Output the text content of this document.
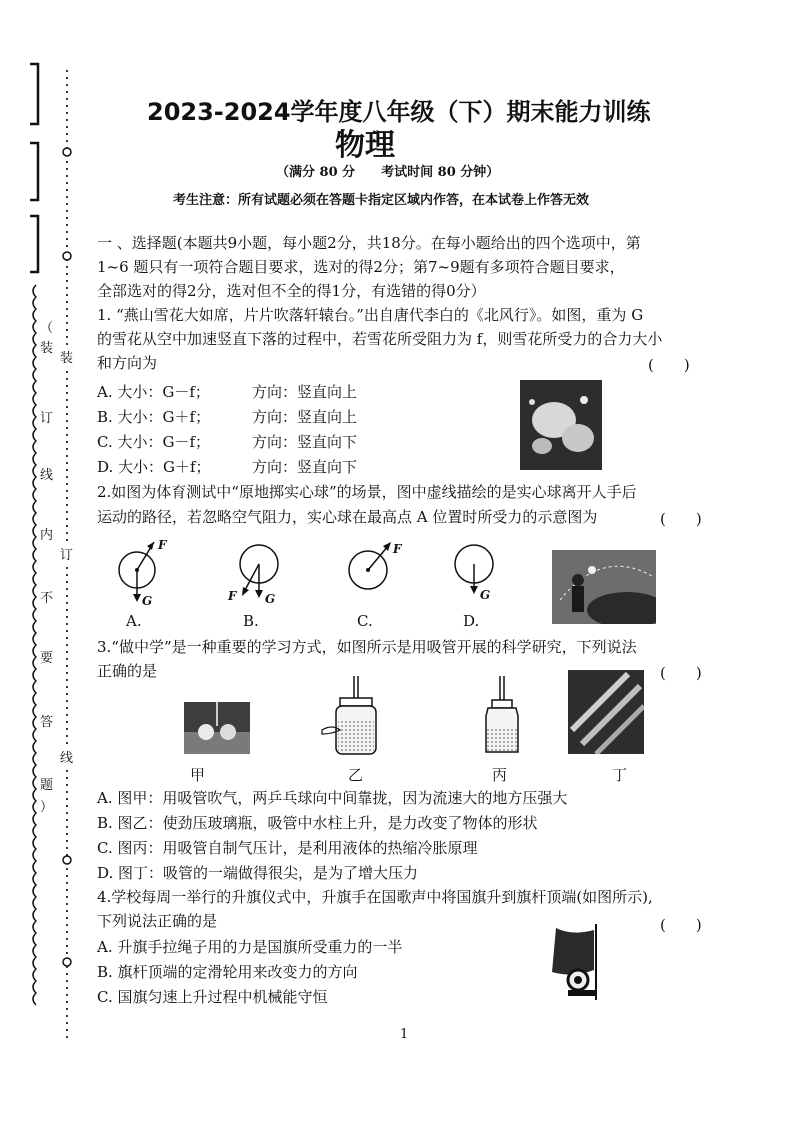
（
装
订
线
内
不
要
答
题
）
装
订
线
2023-2024学年度八年级（下）期末能力训练
物理
（满分 80 分　　考试时间 80 分钟）
考生注意：所有试题必须在答题卡指定区域内作答，在本试卷上作答无效
一 、选择题(本题共9小题，每小题2分，共18分。在每小题给出的四个选项中，第
1~6 题只有一项符合题目要求，选对的得2分；第7~9题有多项符合题目要求，
全部选对的得2分，选对但不全的得1分，有选错的得0分）
1. “燕山雪花大如席，片片吹落轩辕台。”出自唐代李白的《北风行》。如图，重为 G
的雪花从空中加速竖直下落的过程中，若雪花所受阻力为 f，则雪花所受力的合力大小
和方向为	(　　)
A. 大小：G－f；	方向：竖直向上
B. 大小：G＋f；	方向：竖直向上
C. 大小：G－f；	方向：竖直向下
D. 大小：G＋f；	方向：竖直向下
2.如图为体育测试中“原地掷实心球”的场景，图中虚线描绘的是实心球离开人手后
运动的路径，若忽略空气阻力，实心球在最高点 A 位置时所受力的示意图为	(　　)
F
G
A.
F G
B.
F
C.
G
D.
3.“做中学”是一种重要的学习方式，如图所示是用吸管开展的科学研究，下列说法
正确的是	(　　)
甲	乙	丙	丁
A. 图甲：用吸管吹气，两乒乓球向中间靠拢，因为流速大的地方压强大
B. 图乙：使劲压玻璃瓶，吸管中水柱上升，是力改变了物体的形状
C. 图丙：用吸管自制气压计，是利用液体的热缩冷胀原理
D. 图丁：吸管的一端做得很尖，是为了增大压力
4.学校每周一举行的升旗仪式中，升旗手在国歌声中将国旗升到旗杆顶端(如图所示),
下列说法正确的是	(　　)
A. 升旗手拉绳子用的力是国旗所受重力的一半
B. 旗杆顶端的定滑轮用来改变力的方向
C. 国旗匀速上升过程中机械能守恒
1
